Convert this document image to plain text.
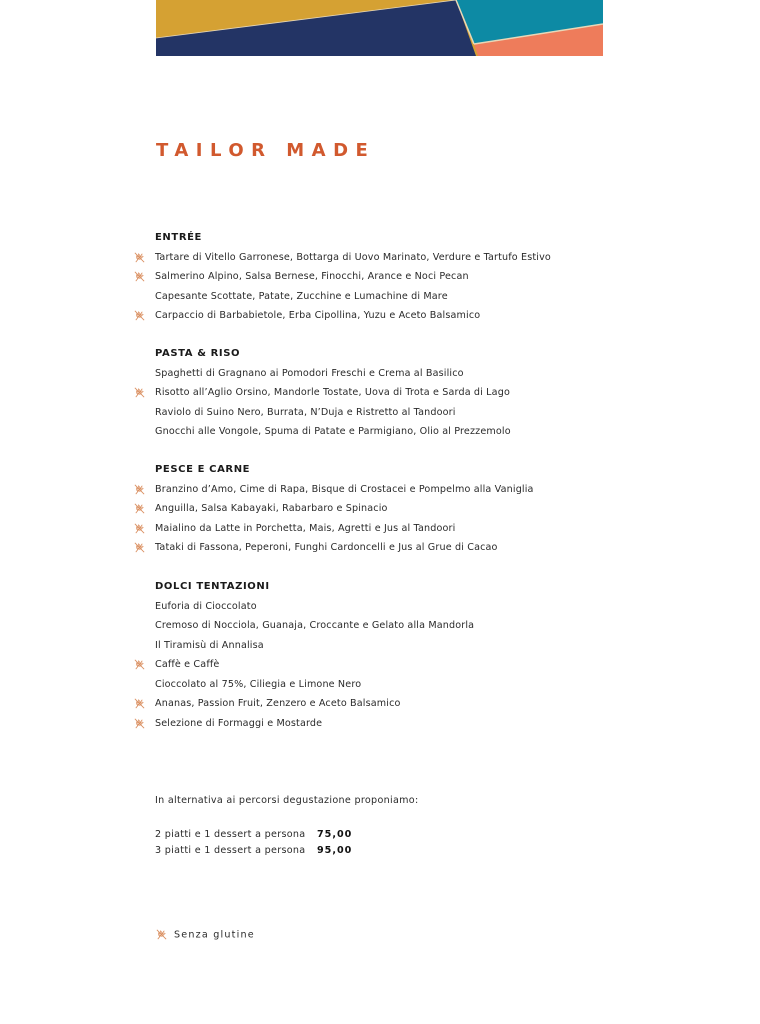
TAILOR MADE
ENTRÉE
Tartare di Vitello Garronese, Bottarga di Uovo Marinato, Verdure e Tartufo Estivo
Salmerino Alpino, Salsa Bernese, Finocchi, Arance e Noci Pecan
Capesante Scottate, Patate, Zucchine e Lumachine di Mare
Carpaccio di Barbabietole, Erba Cipollina, Yuzu e Aceto Balsamico
PASTA & RISO
Spaghetti di Gragnano ai Pomodori Freschi e Crema al Basilico
Risotto all’Aglio Orsino, Mandorle Tostate, Uova di Trota e Sarda di Lago
Raviolo di Suino Nero, Burrata, N’Duja e Ristretto al Tandoori
Gnocchi alle Vongole, Spuma di Patate e Parmigiano, Olio al Prezzemolo
PESCE E CARNE
Branzino d’Amo, Cime di Rapa, Bisque di Crostacei e Pompelmo alla Vaniglia
Anguilla, Salsa Kabayaki, Rabarbaro e Spinacio
Maialino da Latte in Porchetta, Mais, Agretti e Jus al Tandoori
Tataki di Fassona, Peperoni, Funghi Cardoncelli e Jus al Grue di Cacao
DOLCI TENTAZIONI
Euforia di Cioccolato
Cremoso di Nocciola, Guanaja, Croccante e Gelato alla Mandorla
Il Tiramisù di Annalisa
Caffè e Caffè
Cioccolato al 75%, Ciliegia e Limone Nero
Ananas, Passion Fruit, Zenzero e Aceto Balsamico
Selezione di Formaggi e Mostarde
In alternativa ai percorsi degustazione proponiamo:
2 piatti e 1 dessert a persona 75,00
3 piatti e 1 dessert a persona 95,00
Senza glutine
